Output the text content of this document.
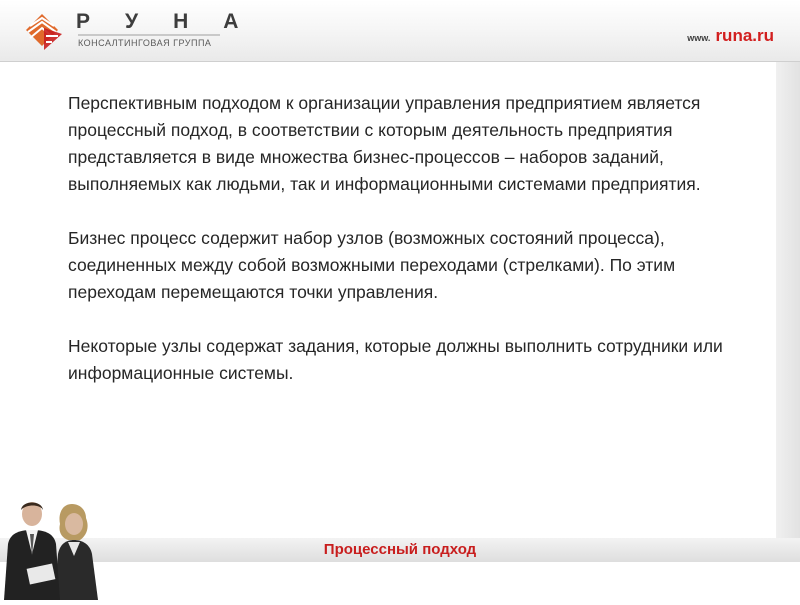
Р У Н А
КОНСАЛТИНГОВАЯ ГРУППА	www. runa.ru

Перспективным подходом к организации управления предприятием является процессный подход, в соответствии с которым деятельность предприятия представляется в виде множества бизнес-процессов – наборов заданий, выполняемых как людьми, так и информационными системами предприятия.

Бизнес процесс содержит набор узлов (возможных состояний процесса), соединенных между собой возможными переходами (стрелками). По этим переходам перемещаются точки управления.

Некоторые узлы содержат задания, которые должны выполнить сотрудники или информационные системы.

Процессный подход
